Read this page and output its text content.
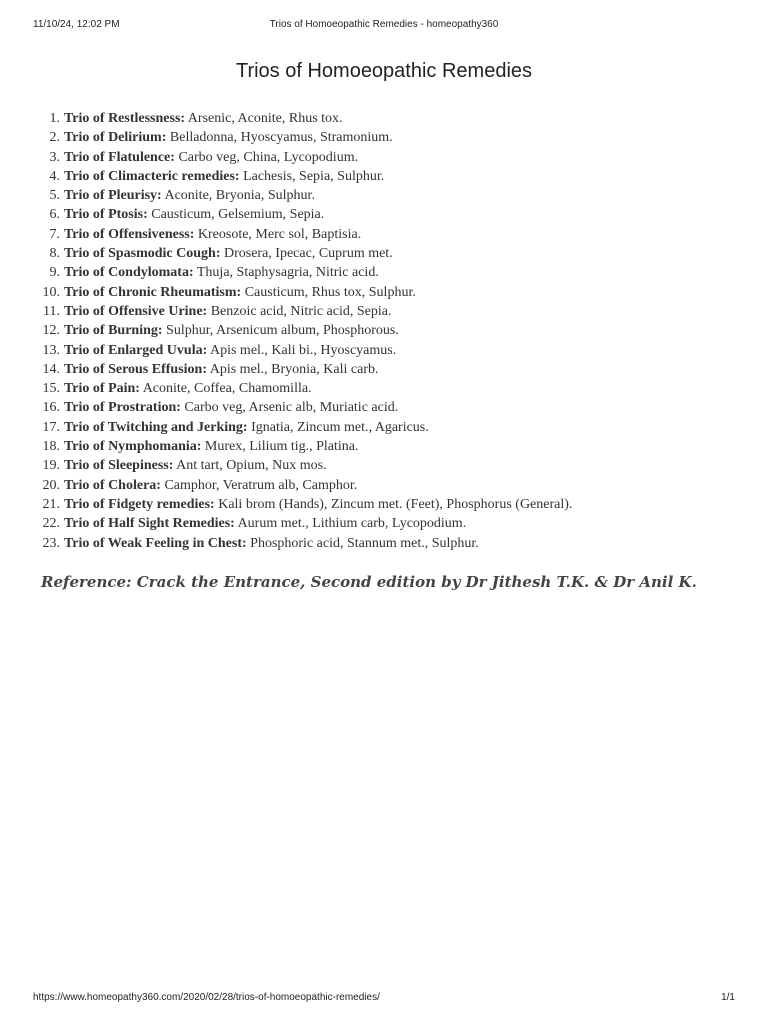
11/10/24, 12:02 PM	Trios of Homoeopathic Remedies - homeopathy360
Trios of Homoeopathic Remedies
1. Trio of Restlessness: Arsenic, Aconite, Rhus tox.
2. Trio of Delirium: Belladonna, Hyoscyamus, Stramonium.
3. Trio of Flatulence: Carbo veg, China, Lycopodium.
4. Trio of Climacteric remedies: Lachesis, Sepia, Sulphur.
5. Trio of Pleurisy: Aconite, Bryonia, Sulphur.
6. Trio of Ptosis: Causticum, Gelsemium, Sepia.
7. Trio of Offensiveness: Kreosote, Merc sol, Baptisia.
8. Trio of Spasmodic Cough: Drosera, Ipecac, Cuprum met.
9. Trio of Condylomata: Thuja, Staphysagria, Nitric acid.
10. Trio of Chronic Rheumatism: Causticum, Rhus tox, Sulphur.
11. Trio of Offensive Urine: Benzoic acid, Nitric acid, Sepia.
12. Trio of Burning: Sulphur, Arsenicum album, Phosphorous.
13. Trio of Enlarged Uvula: Apis mel., Kali bi., Hyoscyamus.
14. Trio of Serous Effusion: Apis mel., Bryonia, Kali carb.
15. Trio of Pain: Aconite, Coffea, Chamomilla.
16. Trio of Prostration: Carbo veg, Arsenic alb, Muriatic acid.
17. Trio of Twitching and Jerking: Ignatia, Zincum met., Agaricus.
18. Trio of Nymphomania: Murex, Lilium tig., Platina.
19. Trio of Sleepiness: Ant tart, Opium, Nux mos.
20. Trio of Cholera: Camphor, Veratrum alb, Camphor.
21. Trio of Fidgety remedies: Kali brom (Hands), Zincum met. (Feet), Phosphorus (General).
22. Trio of Half Sight Remedies: Aurum met., Lithium carb, Lycopodium.
23. Trio of Weak Feeling in Chest: Phosphoric acid, Stannum met., Sulphur.

Reference: Crack the Entrance, Second edition by Dr Jithesh T.K. & Dr Anil K.

https://www.homeopathy360.com/2020/02/28/trios-of-homoeopathic-remedies/	1/1
